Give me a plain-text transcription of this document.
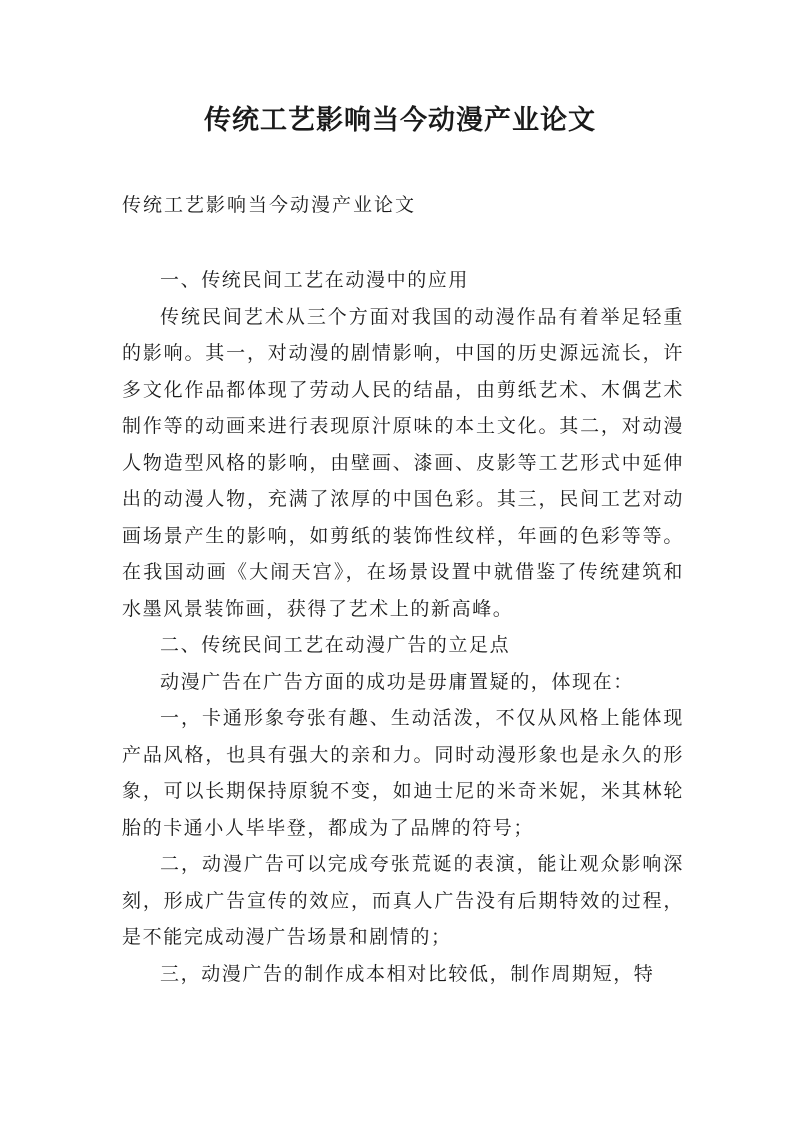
传统工艺影响当今动漫产业论文

传统工艺影响当今动漫产业论文

一、传统民间工艺在动漫中的应用

传统民间艺术从三个方面对我国的动漫作品有着举足轻重的影响。其一，对动漫的剧情影响，中国的历史源远流长，许多文化作品都体现了劳动人民的结晶，由剪纸艺术、木偶艺术制作等的动画来进行表现原汁原味的本土文化。其二，对动漫人物造型风格的影响，由壁画、漆画、皮影等工艺形式中延伸出的动漫人物，充满了浓厚的中国色彩。其三，民间工艺对动画场景产生的影响，如剪纸的装饰性纹样，年画的色彩等等。在我国动画《大闹天宫》，在场景设置中就借鉴了传统建筑和水墨风景装饰画，获得了艺术上的新高峰。

二、传统民间工艺在动漫广告的立足点

动漫广告在广告方面的成功是毋庸置疑的，体现在：

一，卡通形象夸张有趣、生动活泼，不仅从风格上能体现产品风格，也具有强大的亲和力。同时动漫形象也是永久的形象，可以长期保持原貌不变，如迪士尼的米奇米妮，米其林轮胎的卡通小人毕毕登，都成为了品牌的符号；

二，动漫广告可以完成夸张荒诞的表演，能让观众影响深刻，形成广告宣传的效应，而真人广告没有后期特效的过程，是不能完成动漫广告场景和剧情的；

三，动漫广告的制作成本相对比较低，制作周期短，特
